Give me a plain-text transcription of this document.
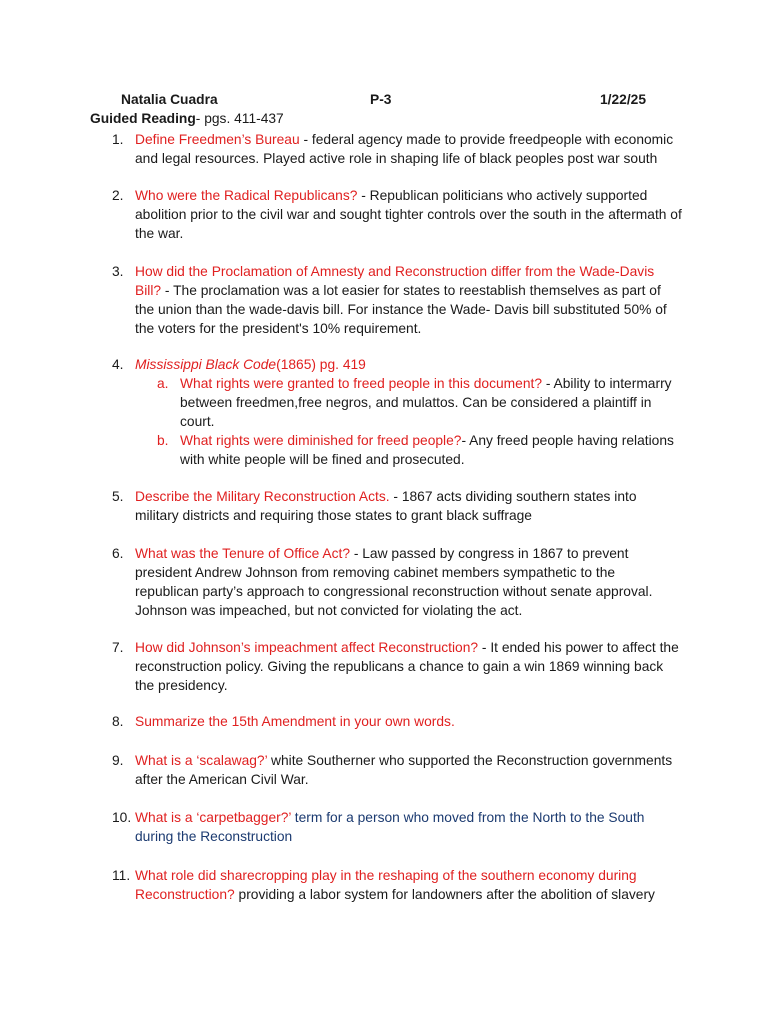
Natalia Cuadra	P-3	1/22/25
Guided Reading- pgs. 411-437
1. Define Freedmen’s Bureau - federal agency made to provide freedpeople with economic and legal resources. Played active role in shaping life of black peoples post war south
2. Who were the Radical Republicans? - Republican politicians who actively supported abolition prior to the civil war and sought tighter controls over the south in the aftermath of the war.
3. How did the Proclamation of Amnesty and Reconstruction differ from the Wade-Davis Bill? - The proclamation was a lot easier for states to reestablish themselves as part of the union than the wade-davis bill. For instance the Wade- Davis bill substituted 50% of the voters for the president's 10% requirement.
4. Mississippi Black Code(1865) pg. 419
a. What rights were granted to freed people in this document? - Ability to intermarry between freedmen,free negros, and mulattos. Can be considered a plaintiff in court.
b. What rights were diminished for freed people?- Any freed people having relations with white people will be fined and prosecuted.
5. Describe the Military Reconstruction Acts. - 1867 acts dividing southern states into military districts and requiring those states to grant black suffrage
6. What was the Tenure of Office Act? - Law passed by congress in 1867 to prevent president Andrew Johnson from removing cabinet members sympathetic to the republican party’s approach to congressional reconstruction without senate approval. Johnson was impeached, but not convicted for violating the act.
7. How did Johnson’s impeachment affect Reconstruction? - It ended his power to affect the reconstruction policy. Giving the republicans a chance to gain a win 1869 winning back the presidency.
8. Summarize the 15th Amendment in your own words.
9. What is a ‘scalawag?’ white Southerner who supported the Reconstruction governments after the American Civil War.
10. What is a ‘carpetbagger?’ term for a person who moved from the North to the South during the Reconstruction
11. What role did sharecropping play in the reshaping of the southern economy during Reconstruction? providing a labor system for landowners after the abolition of slavery
